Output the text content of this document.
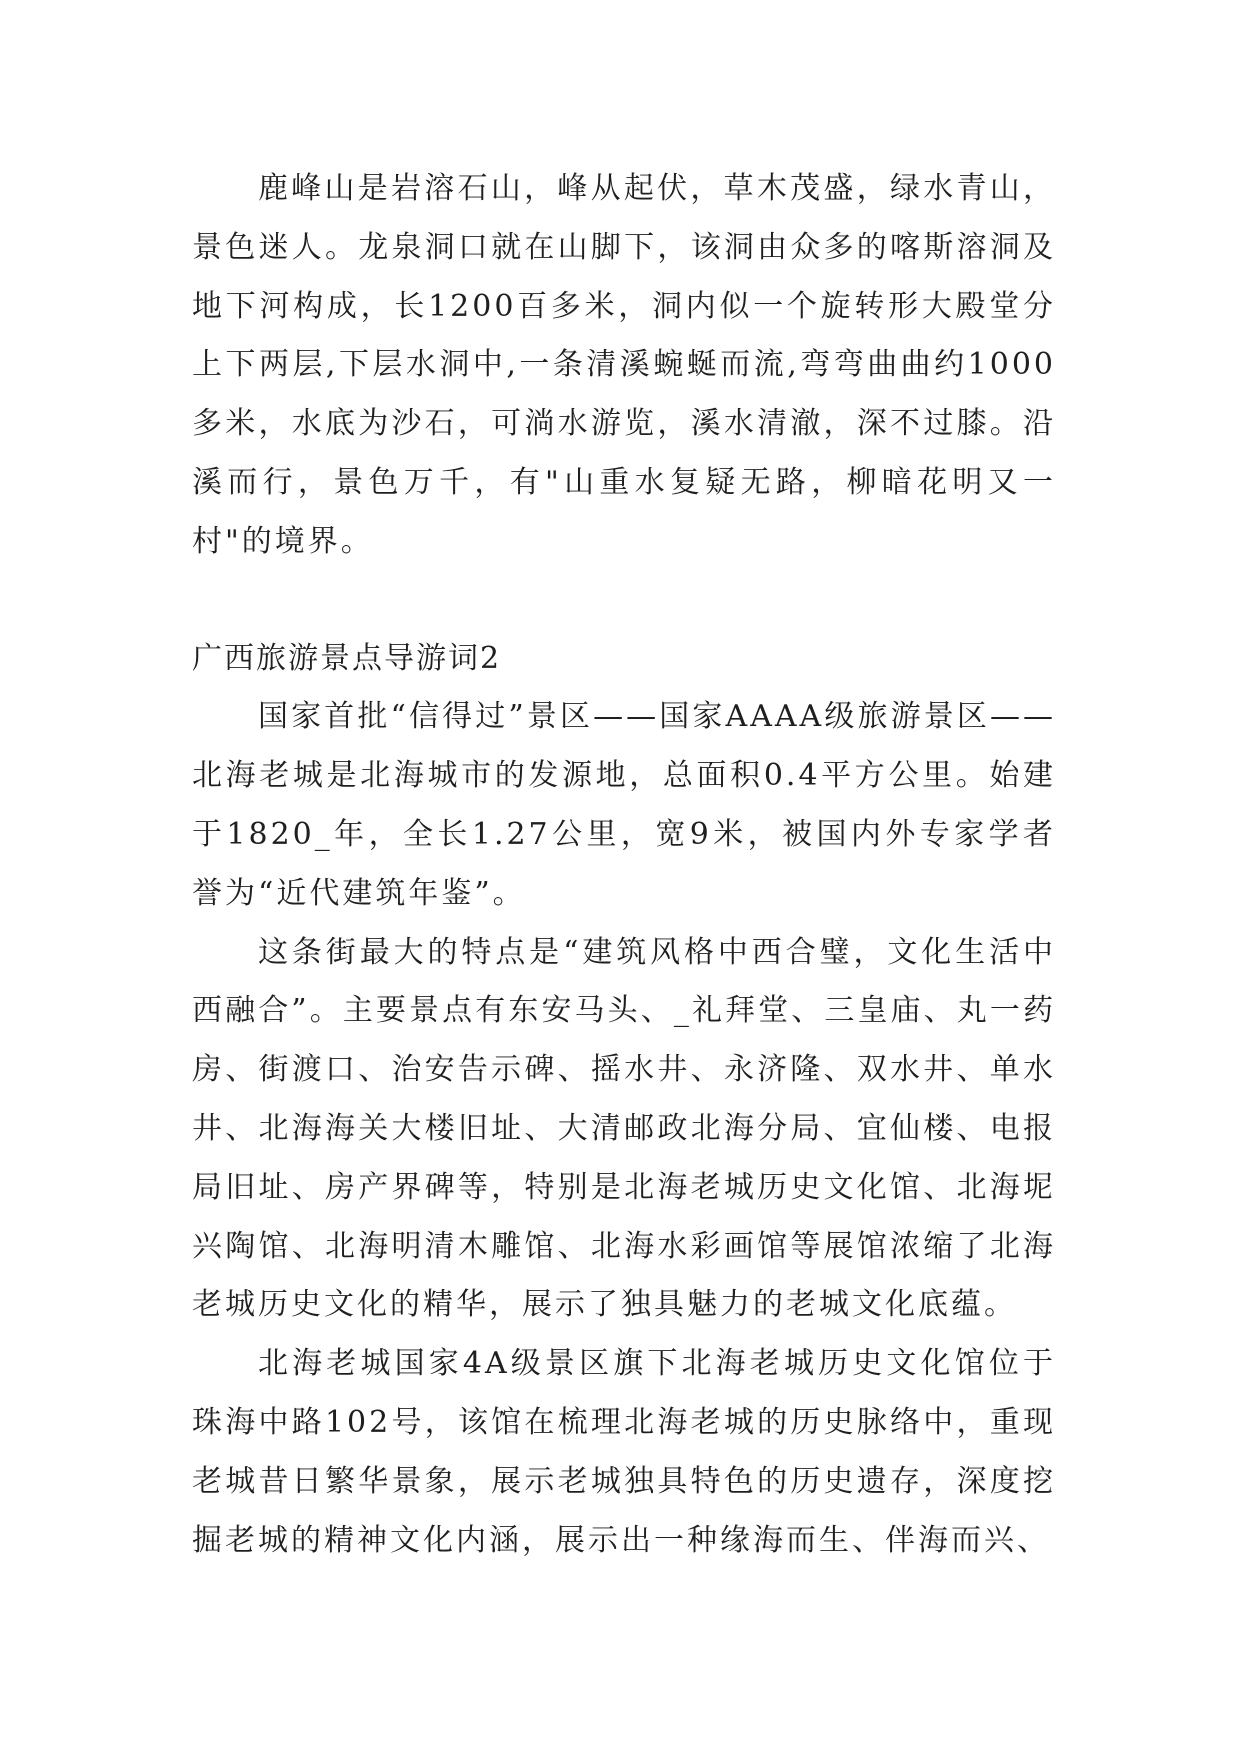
鹿峰山是岩溶石山，峰从起伏，草木茂盛，绿水青山，景色迷人。龙泉洞口就在山脚下，该洞由众多的喀斯溶洞及地下河构成，长1200百多米，洞内似一个旋转形大殿堂分上下两层,下层水洞中,一条清溪蜿蜒而流,弯弯曲曲约1000多米，水底为沙石，可淌水游览，溪水清澈，深不过膝。沿溪而行，景色万千，有"山重水复疑无路，柳暗花明又一村"的境界。

广西旅游景点导游词2

国家首批“信得过”景区——国家AAAA级旅游景区——北海老城是北海城市的发源地，总面积0.4平方公里。始建于1820_年，全长1.27公里，宽9米，被国内外专家学者誉为“近代建筑年鉴”。

这条街最大的特点是“建筑风格中西合璧，文化生活中西融合”。主要景点有东安马头、_礼拜堂、三皇庙、丸一药房、街渡口、治安告示碑、摇水井、永济隆、双水井、单水井、北海海关大楼旧址、大清邮政北海分局、宜仙楼、电报局旧址、房产界碑等，特别是北海老城历史文化馆、北海坭兴陶馆、北海明清木雕馆、北海水彩画馆等展馆浓缩了北海老城历史文化的精华，展示了独具魅力的老城文化底蕴。

北海老城国家4A级景区旗下北海老城历史文化馆位于珠海中路102号，该馆在梳理北海老城的历史脉络中，重现老城昔日繁华景象，展示老城独具特色的历史遗存，深度挖掘老城的精神文化内涵，展示出一种缘海而生、伴海而兴、
